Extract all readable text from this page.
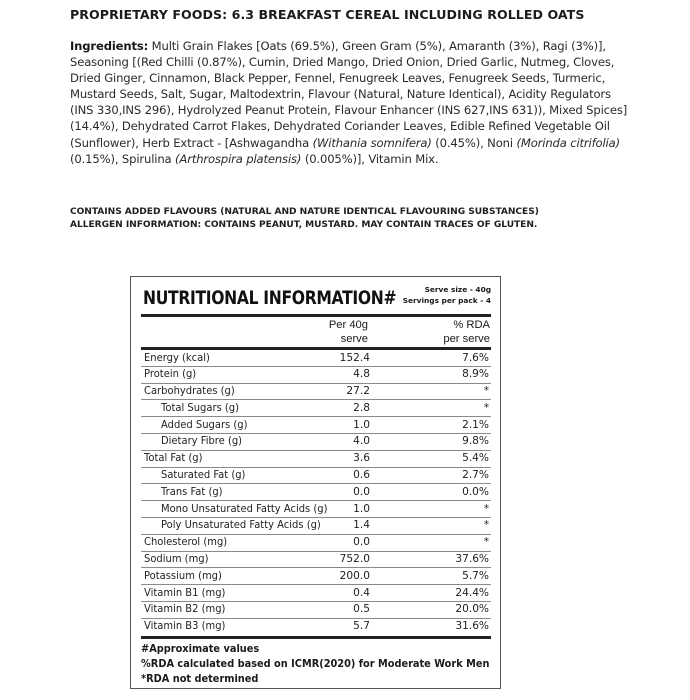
PROPRIETARY FOODS: 6.3 BREAKFAST CEREAL INCLUDING ROLLED OATS
Ingredients: Multi Grain Flakes [Oats (69.5%), Green Gram (5%), Amaranth (3%), Ragi (3%)], Seasoning [(Red Chilli (0.87%), Cumin, Dried Mango, Dried Onion, Dried Garlic, Nutmeg, Cloves, Dried Ginger, Cinnamon, Black Pepper, Fennel, Fenugreek Leaves, Fenugreek Seeds, Turmeric, Mustard Seeds, Salt, Sugar, Maltodextrin, Flavour (Natural, Nature Identical), Acidity Regulators (INS 330,INS 296), Hydrolyzed Peanut Protein, Flavour Enhancer (INS 627,INS 631)), Mixed Spices] (14.4%), Dehydrated Carrot Flakes, Dehydrated Coriander Leaves, Edible Refined Vegetable Oil (Sunflower), Herb Extract - [Ashwagandha (Withania somnifera) (0.45%), Noni (Morinda citrifolia) (0.15%), Spirulina (Arthrospira platensis) (0.005%)], Vitamin Mix.
CONTAINS ADDED FLAVOURS (NATURAL AND NATURE IDENTICAL FLAVOURING SUBSTANCES)
ALLERGEN INFORMATION: CONTAINS PEANUT, MUSTARD. MAY CONTAIN TRACES OF GLUTEN.
NUTRITIONAL INFORMATION#	Serve size - 40g
Servings per pack - 4
Per 40g
serve
% RDA
per serve
Energy (kcal)	152.4	7.6%
Protein (g)	4.8	8.9%
Carbohydrates (g)	27.2	*
Total Sugars (g)	2.8	*
Added Sugars (g)	1.0	2.1%
Dietary Fibre (g)	4.0	9.8%
Total Fat (g)	3.6	5.4%
Saturated Fat (g)	0.6	2.7%
Trans Fat (g)	0.0	0.0%
Mono Unsaturated Fatty Acids (g) 1.0	*
Poly Unsaturated Fatty Acids (g)	1.4	*
Cholesterol (mg)	0.0	*
Sodium (mg)	752.0	37.6%
Potassium (mg)	200.0	5.7%
Vitamin B1 (mg)	0.4	24.4%
Vitamin B2 (mg)	0.5	20.0%
Vitamin B3 (mg)	5.7	31.6%
#Approximate values
%RDA calculated based on ICMR(2020) for Moderate Work Men
*RDA not determined
